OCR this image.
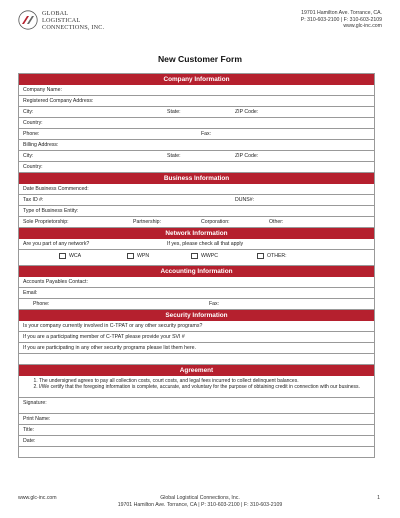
GLOBAL
LOGISTICAL
CONNECTIONS, INC.
19701 Hamilton Ave. Torrance, CA.
P: 310-603-2100 | F: 310-603-2109
www.glc-inc.com
New Customer Form
Company Information
Company Name:
Registered Company Address:
City:	State:	ZIP Code:
Country:
Phone:	Fax:
Billing Address:
City:	State:	ZIP Code:
Country:
Business Information
Date Business Commenced:
Tax ID #:	DUNS#:
Type of Business Entity:
Sole Proprietorship:	Partnership:	Corporation:	Other:
Network Information
Are you part of any network?	If yes, please check all that apply
WCA	WPN	WWPC	OTHER:
Accounting Information
Accounts Payables Contact:
Email:
Phone:	Fax:
Security Information
Is your company currently involved in C-TPAT or any other security programs?
If you are a participating member of C-TPAT please provide your SVI #
If you are participating in any other security programs please list them here.
Agreement
1. The undersigned agrees to pay all collection costs, court costs, and legal fees incurred to collect delinquent balances.
2. I/We certify that the foregoing information is complete, accurate, and voluntary for the purpose of obtaining credit in connection with our business.
Signature:
Print Name:
Title:
Date:
www.glc-inc.com	Global Logistical Connections, Inc.
19701 Hamilton Ave. Torrance, CA | P: 310-603-2100 | F: 310-603-2109
1
